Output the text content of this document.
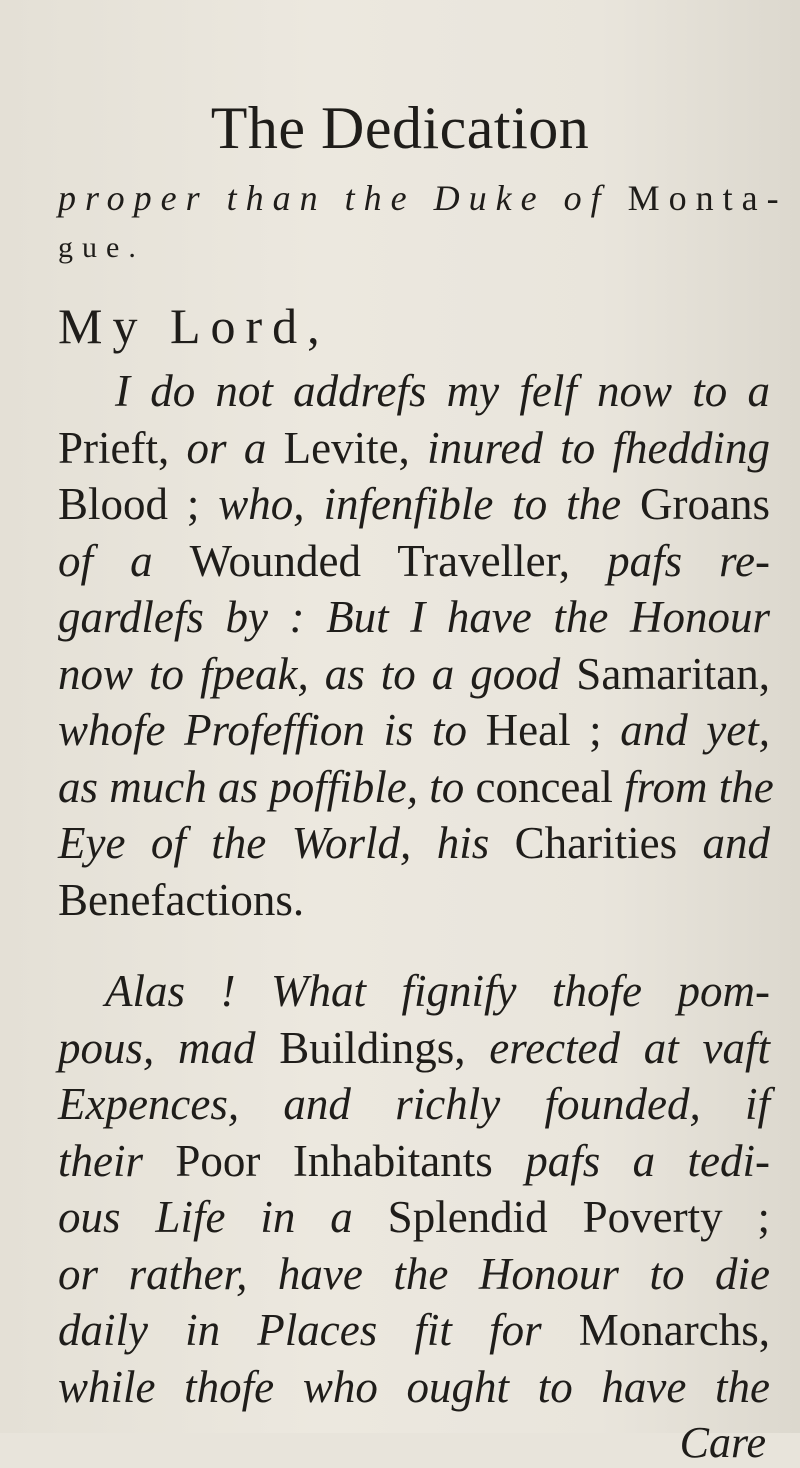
The Dedication
proper than the Duke of Monta-
gue.
My Lord,
I do not addrefs my felf now to a
Prieft, or a Levite, inured to fhedding
Blood ; who, infenfible to the Groans
of a Wounded Traveller, pafs re-
gardlefs by : But I have the Honour
now to fpeak, as to a good Samaritan,
whofe Profeffion is to Heal ; and yet,
as much as poffible, to conceal from the
Eye of the World, his Charities and
Benefactions.
Alas ! What fignify thofe pom-
pous, mad Buildings, erected at vaft
Expences, and richly founded, if
their Poor Inhabitants pafs a tedi-
ous Life in a Splendid Poverty ;
or rather, have the Honour to die
daily in Places fit for Monarchs,
while thofe who ought to have the
Care
